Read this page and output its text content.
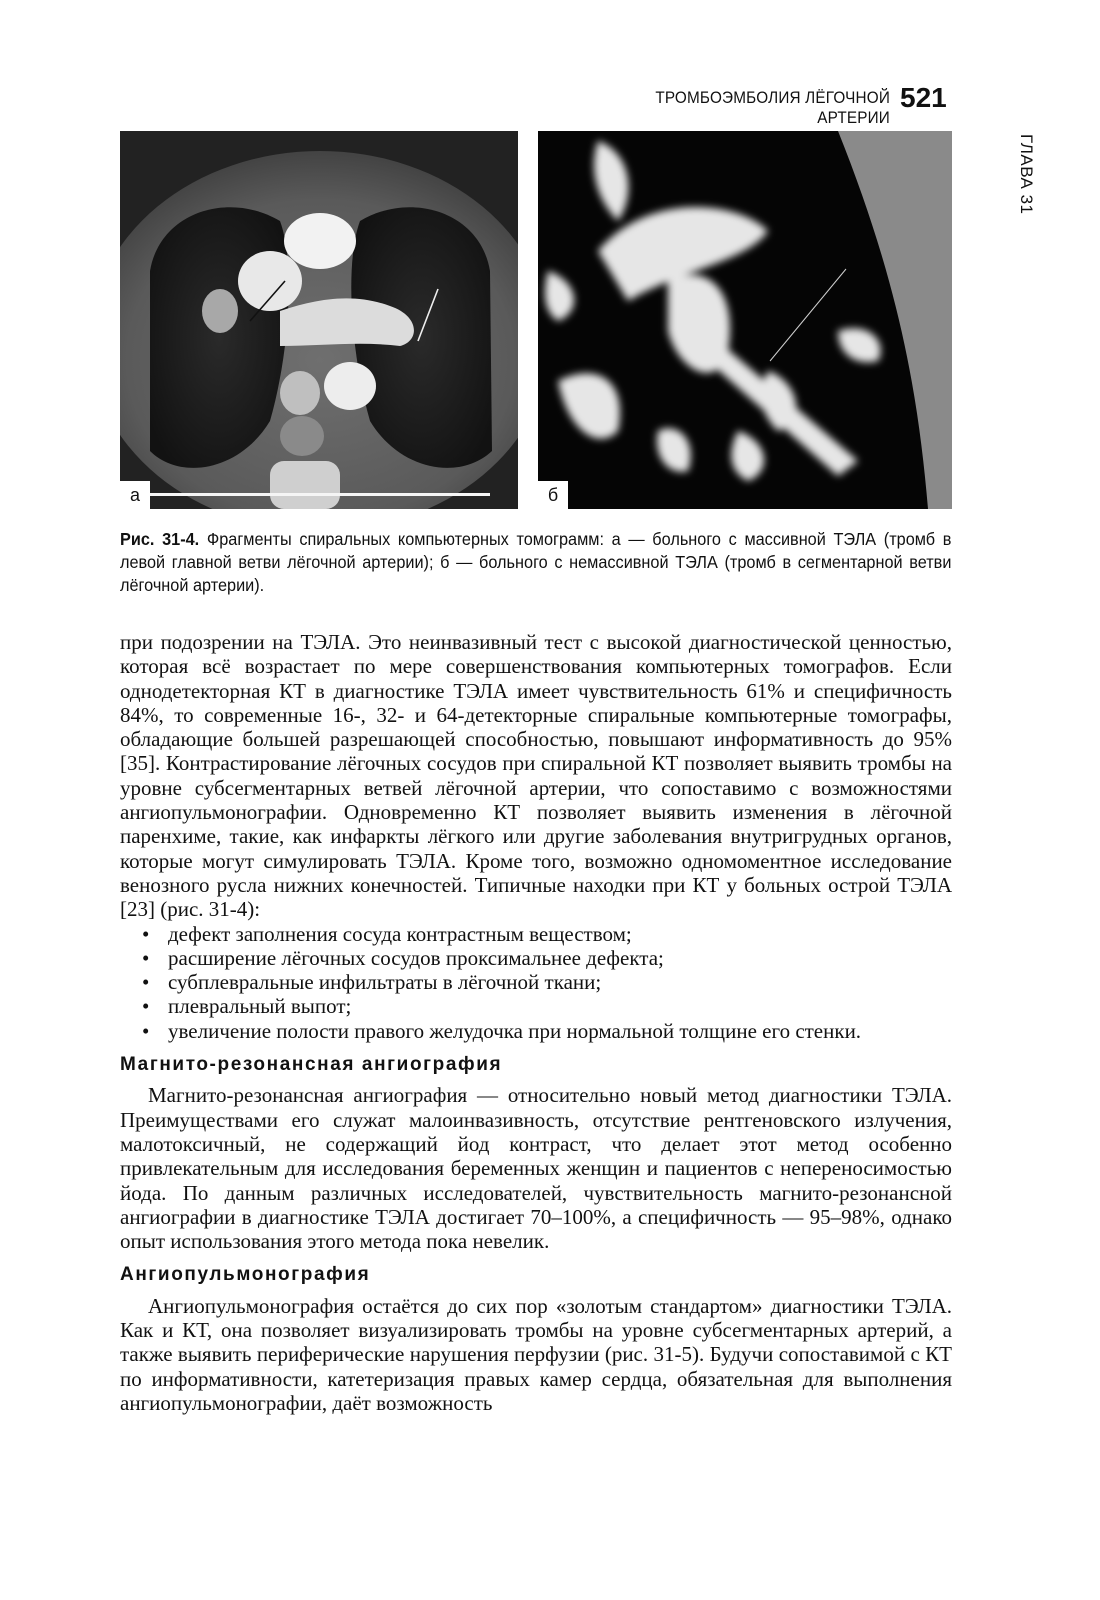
ТРОМБОЭМБОЛИЯ ЛЁГОЧНОЙ АРТЕРИИ
521
ГЛАВА 31
а	б
Рис. 31-4. Фрагменты спиральных компьютерных томограмм: а — больного с массивной ТЭЛА (тромб в левой главной ветви лёгочной артерии); б — больного с немассивной ТЭЛА (тромб в сегментарной ветви лёгочной артерии).

при подозрении на ТЭЛА. Это неинвазивный тест с высокой диагностической ценностью, которая всё возрастает по мере совершенствования компьютерных томографов. Если однодетекторная КТ в диагностике ТЭЛА имеет чувствительность 61% и специфичность 84%, то современные 16-, 32- и 64-детекторные спиральные компьютерные томографы, обладающие большей разрешающей способностью, повышают информативность до 95% [35]. Контрастирование лёгочных сосудов при спиральной КТ позволяет выявить тромбы на уровне субсегментарных ветвей лёгочной артерии, что сопоставимо с возможностями ангиопульмонографии. Одновременно КТ позволяет выявить изменения в лёгочной паренхиме, такие, как инфаркты лёгкого или другие заболевания внутригрудных органов, которые могут симулировать ТЭЛА. Кроме того, возможно одномоментное исследование венозного русла нижних конечностей. Типичные находки при КТ у больных острой ТЭЛА [23] (рис. 31-4):

• дефект заполнения сосуда контрастным веществом;
• расширение лёгочных сосудов проксимальнее дефекта;
• субплевральные инфильтраты в лёгочной ткани;
• плевральный выпот;
• увеличение полости правого желудочка при нормальной толщине его стенки.
Магнито-резонансная ангиография

Магнито-резонансная ангиография — относительно новый метод диагностики ТЭЛА. Преимуществами его служат малоинвазивность, отсутствие рентгеновского излучения, малотоксичный, не содержащий йод контраст, что делает этот метод особенно привлекательным для исследования беременных женщин и пациентов с непереносимостью йода. По данным различных исследователей, чувствительность магнито-резонансной ангиографии в диагностике ТЭЛА достигает 70–100%, а специфичность — 95–98%, однако опыт использования этого метода пока невелик.

Ангиопульмонография

Ангиопульмонография остаётся до сих пор «золотым стандартом» диагностики ТЭЛА. Как и КТ, она позволяет визуализировать тромбы на уровне субсегментарных артерий, а также выявить периферические нарушения перфузии (рис. 31-5). Будучи сопоставимой с КТ по информативности, катетеризация правых камер сердца, обязательная для выполнения ангиопульмонографии, даёт возможность
